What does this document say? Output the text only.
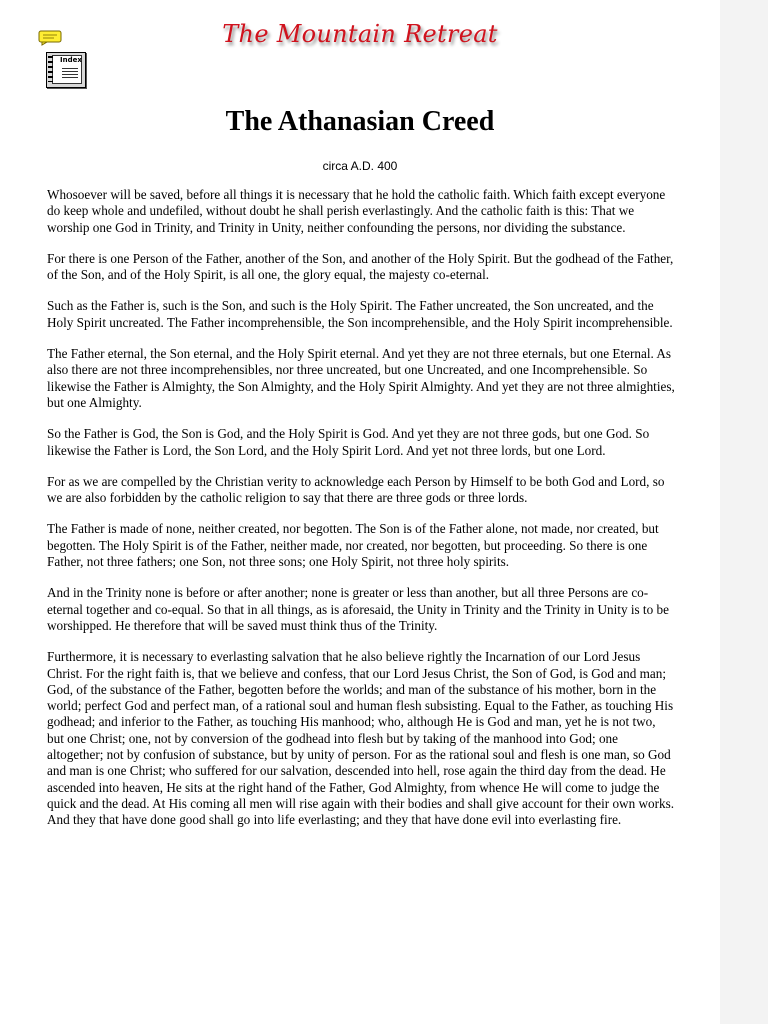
Index
The Mountain Retreat
The Athanasian Creed
circa A.D. 400

Whosoever will be saved, before all things it is necessary that he hold the catholic faith. Which faith except everyone do keep whole and undefiled, without doubt he shall perish everlastingly. And the catholic faith is this: That we worship one God in Trinity, and Trinity in Unity, neither confounding the persons, nor dividing the substance.

For there is one Person of the Father, another of the Son, and another of the Holy Spirit. But the godhead of the Father, of the Son, and of the Holy Spirit, is all one, the glory equal, the majesty co-eternal.

Such as the Father is, such is the Son, and such is the Holy Spirit. The Father uncreated, the Son uncreated, and the Holy Spirit uncreated. The Father incomprehensible, the Son incomprehensible, and the Holy Spirit incomprehensible.

The Father eternal, the Son eternal, and the Holy Spirit eternal. And yet they are not three eternals, but one Eternal. As also there are not three incomprehensibles, nor three uncreated, but one Uncreated, and one Incomprehensible. So likewise the Father is Almighty, the Son Almighty, and the Holy Spirit Almighty. And yet they are not three almighties, but one Almighty.

So the Father is God, the Son is God, and the Holy Spirit is God. And yet they are not three gods, but one God. So likewise the Father is Lord, the Son Lord, and the Holy Spirit Lord. And yet not three lords, but one Lord.

For as we are compelled by the Christian verity to acknowledge each Person by Himself to be both God and Lord, so we are also forbidden by the catholic religion to say that there are three gods or three lords.

The Father is made of none, neither created, nor begotten. The Son is of the Father alone, not made, nor created, but begotten. The Holy Spirit is of the Father, neither made, nor created, nor begotten, but proceeding. So there is one Father, not three fathers; one Son, not three sons; one Holy Spirit, not three holy spirits.

And in the Trinity none is before or after another; none is greater or less than another, but all three Persons are co-eternal together and co-equal. So that in all things, as is aforesaid, the Unity in Trinity and the Trinity in Unity is to be worshipped. He therefore that will be saved must think thus of the Trinity.

Furthermore, it is necessary to everlasting salvation that he also believe rightly the Incarnation of our Lord Jesus Christ. For the right faith is, that we believe and confess, that our Lord Jesus Christ, the Son of God, is God and man; God, of the substance of the Father, begotten before the worlds; and man of the substance of his mother, born in the world; perfect God and perfect man, of a rational soul and human flesh subsisting. Equal to the Father, as touching His godhead; and inferior to the Father, as touching His manhood; who, although He is God and man, yet he is not two, but one Christ; one, not by conversion of the godhead into flesh but by taking of the manhood into God; one altogether; not by confusion of substance, but by unity of person. For as the rational soul and flesh is one man, so God and man is one Christ; who suffered for our salvation, descended into hell, rose again the third day from the dead. He ascended into heaven, He sits at the right hand of the Father, God Almighty, from whence He will come to judge the quick and the dead. At His coming all men will rise again with their bodies and shall give account for their own works. And they that have done good shall go into life everlasting; and they that have done evil into everlasting fire.
